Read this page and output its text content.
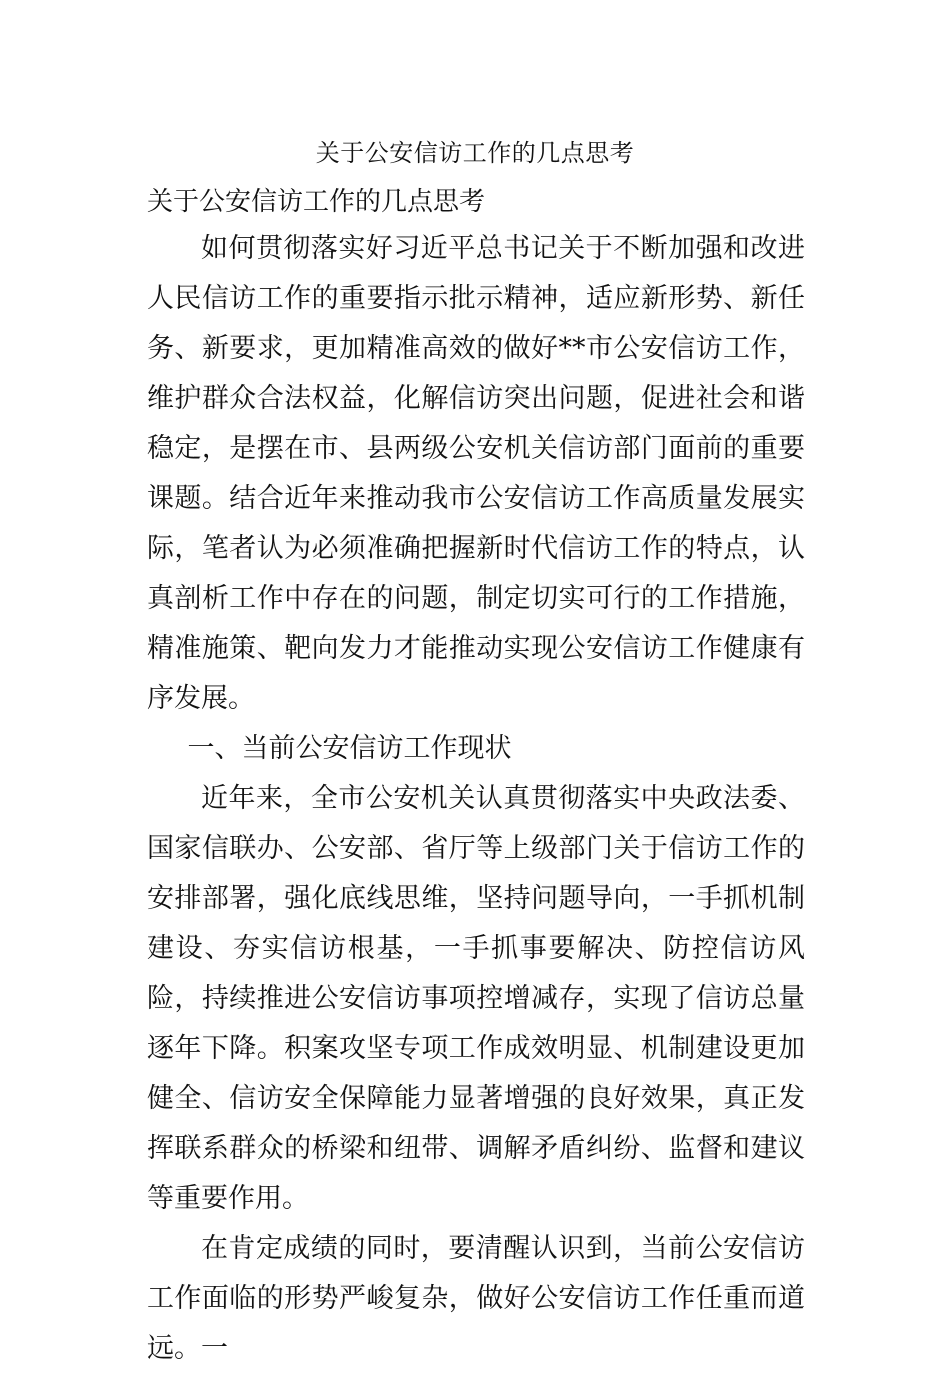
关于公安信访工作的几点思考
关于公安信访工作的几点思考

如何贯彻落实好习近平总书记关于不断加强和改进人民信访工作的重要指示批示精神，适应新形势、新任务、新要求，更加精准高效的做好**市公安信访工作，维护群众合法权益，化解信访突出问题，促进社会和谐稳定，是摆在市、县两级公安机关信访部门面前的重要课题。结合近年来推动我市公安信访工作高质量发展实际，笔者认为必须准确把握新时代信访工作的特点，认真剖析工作中存在的问题，制定切实可行的工作措施，精准施策、靶向发力才能推动实现公安信访工作健康有序发展。

一、当前公安信访工作现状

近年来，全市公安机关认真贯彻落实中央政法委、国家信联办、公安部、省厅等上级部门关于信访工作的安排部署，强化底线思维，坚持问题导向，一手抓机制建设、夯实信访根基，一手抓事要解决、防控信访风险，持续推进公安信访事项控增减存，实现了信访总量逐年下降。积案攻坚专项工作成效明显、机制建设更加健全、信访安全保障能力显著增强的良好效果，真正发挥联系群众的桥梁和纽带、调解矛盾纠纷、监督和建议等重要作用。

在肯定成绩的同时，要清醒认识到，当前公安信访工作面临的形势严峻复杂，做好公安信访工作任重而道远。一
